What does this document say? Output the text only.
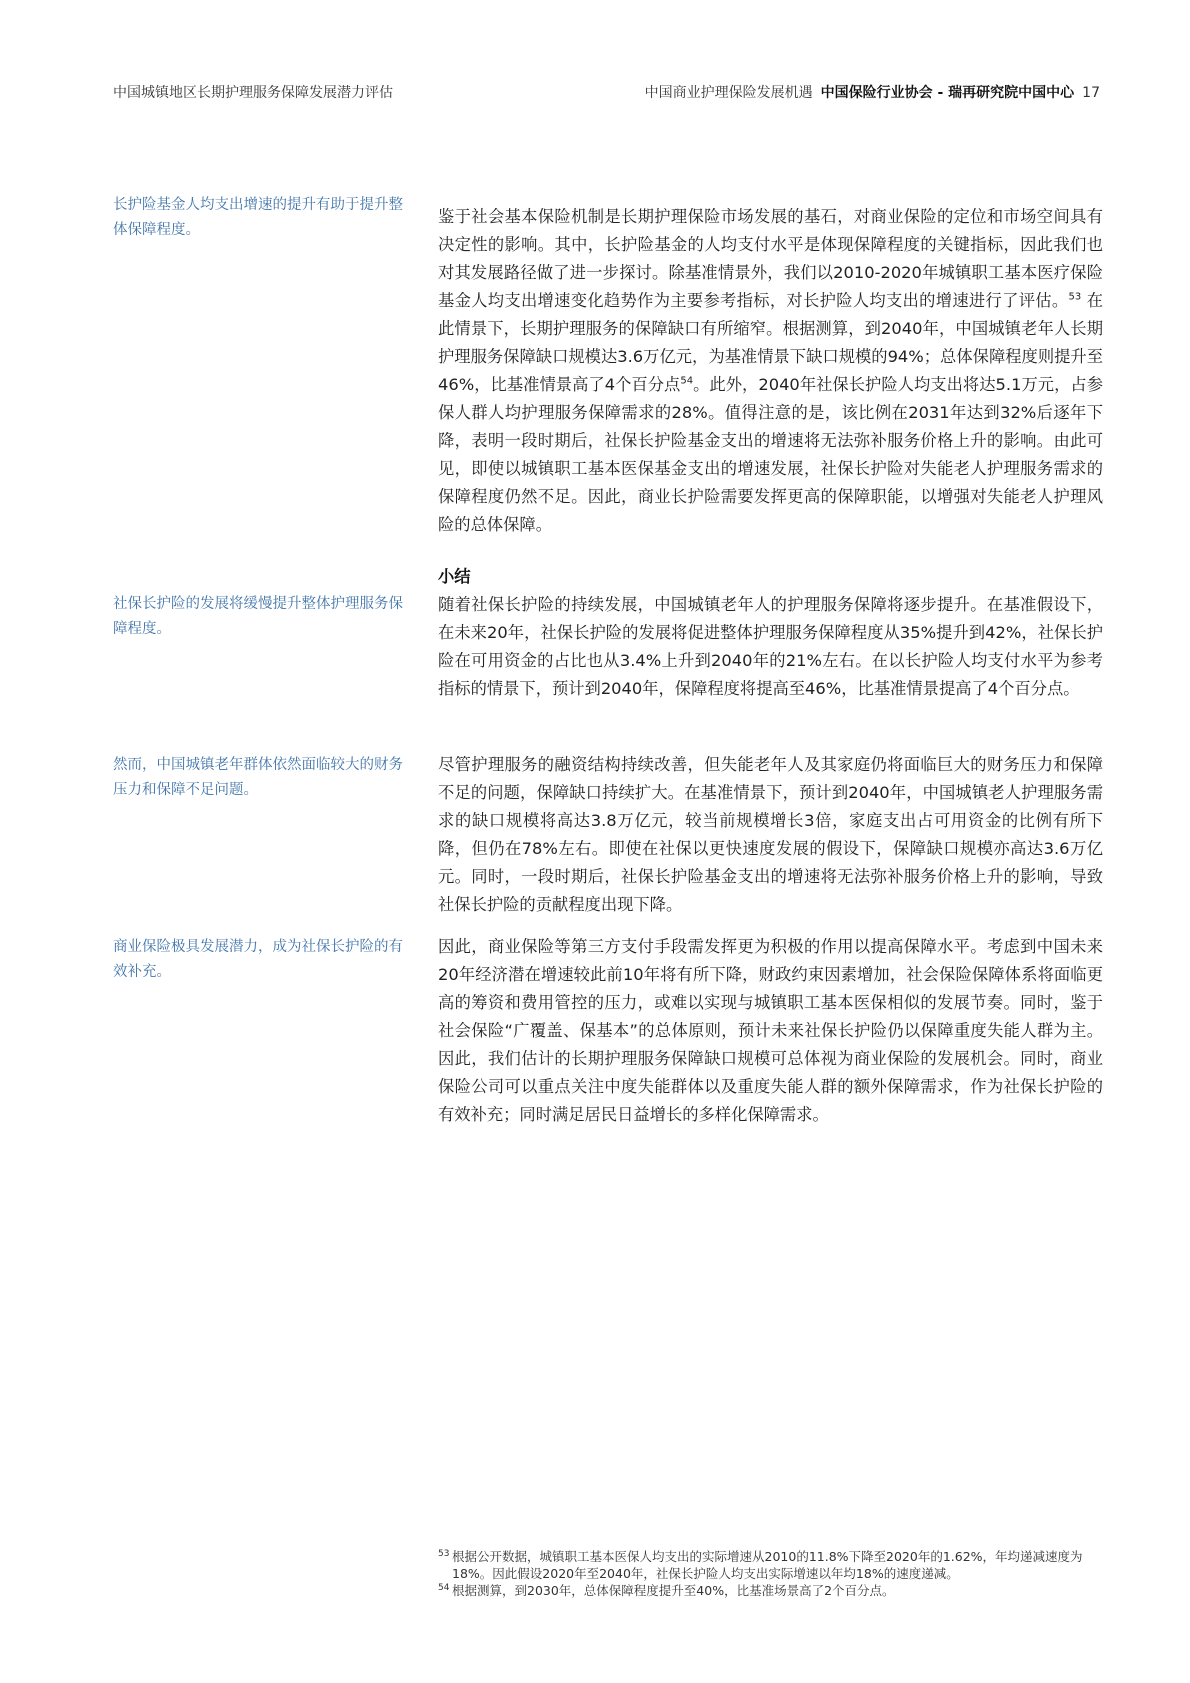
中国城镇地区长期护理服务保障发展潜力评估	中国商业护理保险发展机遇 中国保险行业协会 - 瑞再研究院中国中心 17
长护险基金人均支出增速的提升有助于提升整体保障程度。
社保长护险的发展将缓慢提升整体护理服务保障程度。
然而，中国城镇老年群体依然面临较大的财务压力和保障不足问题。
商业保险极具发展潜力，成为社保长护险的有效补充。
鉴于社会基本保险机制是长期护理保险市场发展的基石，对商业保险的定位和市场空间具有决定性的影响。其中，长护险基金的人均支付水平是体现保障程度的关键指标，因此我们也对其发展路径做了进一步探讨。除基准情景外，我们以2010-2020年城镇职工基本医疗保险基金人均支出增速变化趋势作为主要参考指标，对长护险人均支出的增速进行了评估。$^{53}$ 在此情景下，长期护理服务的保障缺口有所缩窄。根据测算，到2040年，中国城镇老年人长期护理服务保障缺口规模达3.6万亿元，为基准情景下缺口规模的94%；总体保障程度则提升至46%，比基准情景高了4个百分点$^{54}$。此外，2040年社保长护险人均支出将达5.1万元，占参保人群人均护理服务保障需求的28%。值得注意的是，该比例在2031年达到32%后逐年下降，表明一段时期后，社保长护险基金支出的增速将无法弥补服务价格上升的影响。由此可见，即使以城镇职工基本医保基金支出的增速发展，社保长护险对失能老人护理服务需求的保障程度仍然不足。因此，商业长护险需要发挥更高的保障职能，以增强对失能老人护理风险的总体保障。
小结
随着社保长护险的持续发展，中国城镇老年人的护理服务保障将逐步提升。在基准假设下，在未来20年，社保长护险的发展将促进整体护理服务保障程度从35%提升到42%，社保长护险在可用资金的占比也从3.4%上升到2040年的21%左右。在以长护险人均支付水平为参考指标的情景下，预计到2040年，保障程度将提高至46%，比基准情景提高了4个百分点。
尽管护理服务的融资结构持续改善，但失能老年人及其家庭仍将面临巨大的财务压力和保障不足的问题，保障缺口持续扩大。在基准情景下，预计到2040年，中国城镇老人护理服务需求的缺口规模将高达3.8万亿元，较当前规模增长3倍，家庭支出占可用资金的比例有所下降，但仍在78%左右。即使在社保以更快速度发展的假设下，保障缺口规模亦高达3.6万亿元。同时，一段时期后，社保长护险基金支出的增速将无法弥补服务价格上升的影响，导致社保长护险的贡献程度出现下降。
因此，商业保险等第三方支付手段需发挥更为积极的作用以提高保障水平。考虑到中国未来20年经济潜在增速较此前10年将有所下降，财政约束因素增加，社会保险保障体系将面临更高的筹资和费用管控的压力，或难以实现与城镇职工基本医保相似的发展节奏。同时，鉴于社会保险“广覆盖、保基本”的总体原则，预计未来社保长护险仍以保障重度失能人群为主。因此，我们估计的长期护理服务保障缺口规模可总体视为商业保险的发展机会。同时，商业保险公司可以重点关注中度失能群体以及重度失能人群的额外保障需求，作为社保长护险的有效补充；同时满足居民日益增长的多样化保障需求。
53 根据公开数据，城镇职工基本医保人均支出的实际增速从2010的11.8%下降至2020年的1.62%，年均递减速度为18%。因此假设2020年至2040年，社保长护险人均支出实际增速以年均18%的速度递减。
54 根据测算，到2030年，总体保障程度提升至40%，比基准场景高了2个百分点。
